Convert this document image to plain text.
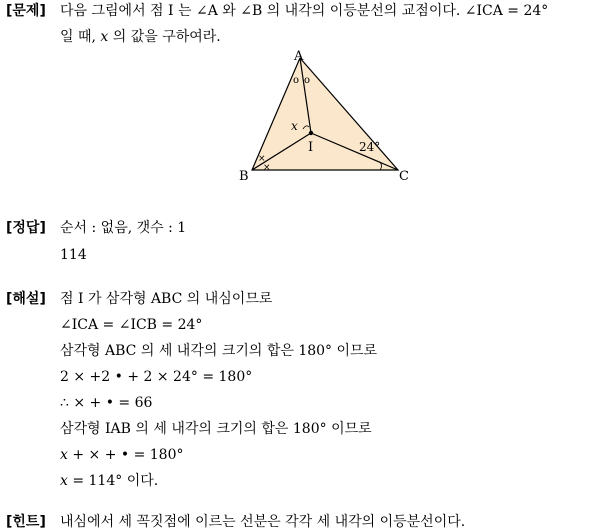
[문제] 다음 그림에서 점 I 는 ∠A 와 ∠B 의 내각의 이등분선의 교점이다. ∠ICA = 24°
일 때, 𝑥 의 값을 구하여라.
A
B	C
I
x
24°
o o
×
×
[정답] 순서 : 없음, 갯수 : 1
114
[해설] 점 I 가 삼각형 ABC 의 내심이므로
∠ICA = ∠ICB = 24°
삼각형 ABC 의 세 내각의 크기의 합은 180° 이므로
2 × +2 • + 2 × 24° = 180°
∴ × + • = 66
삼각형 IAB 의 세 내각의 크기의 합은 180° 이므로
𝑥 + × + • = 180°
𝑥 = 114° 이다.
[힌트] 내심에서 세 꼭짓점에 이르는 선분은 각각 세 내각의 이등분선이다.
